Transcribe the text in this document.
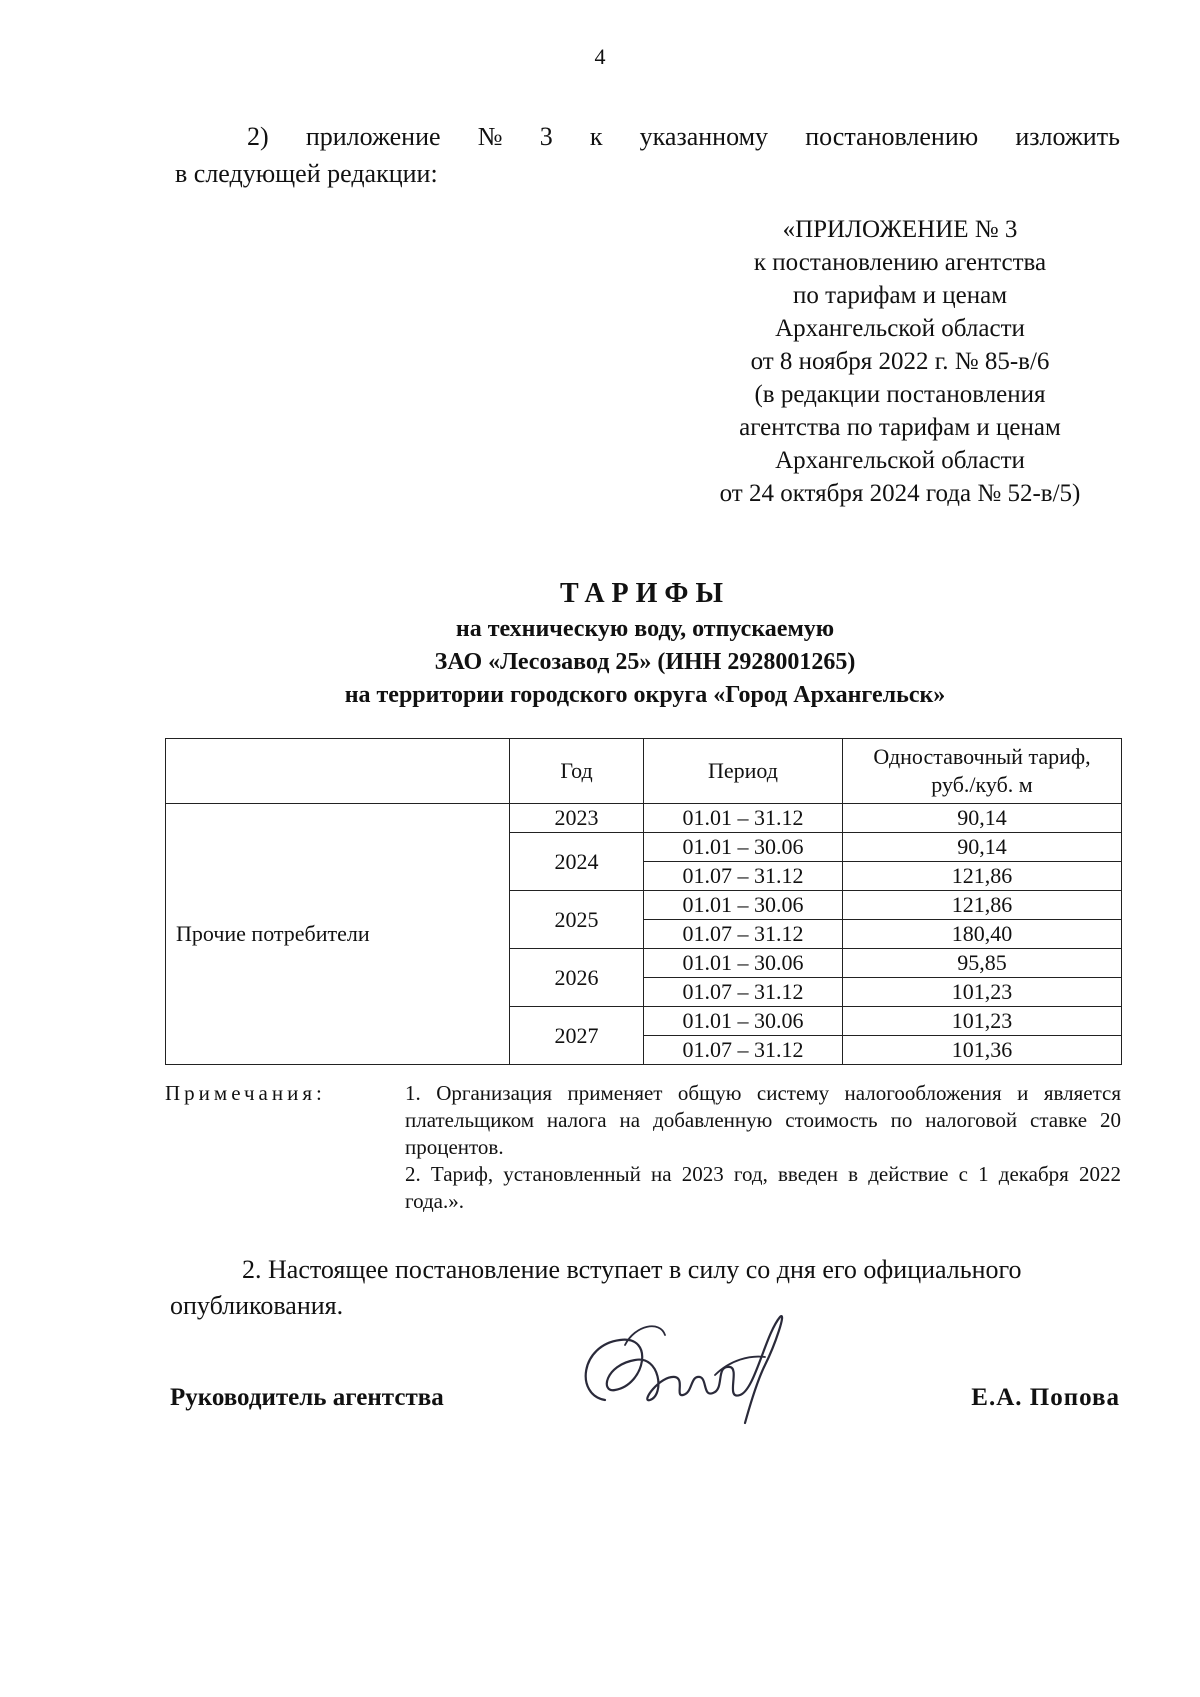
4
2) приложение № 3 к указанному постановлению изложить
в следующей редакции:
«ПРИЛОЖЕНИЕ № 3
к постановлению агентства
по тарифам и ценам
Архангельской области
от 8 ноября 2022 г. № 85-в/6
(в редакции постановления
агентства по тарифам и ценам
Архангельской области
от 24 октября 2024 года № 52-в/5)
ТАРИФЫ
на техническую воду, отпускаемую
ЗАО «Лесозавод 25» (ИНН 2928001265)
на территории городского округа «Город Архангельск»
	Год	Период	Одноставочный тариф,
руб./куб. м

Прочие потребители	2023	01.01 – 31.12	90,14
	2024	01.01 – 30.06	90,14
		01.07 – 31.12	121,86
	2025	01.01 – 30.06	121,86
		01.07 – 31.12	180,40
	2026	01.01 – 30.06	95,85
		01.07 – 31.12	101,23
	2027	01.01 – 30.06	101,23
		01.07 – 31.12	101,36
Примечания:	1. Организация применяет общую систему налогообложения и является плательщиком налога на добавленную стоимость по налоговой ставке 20 процентов.

2. Тариф, установленный на 2023 год, введен в действие с 1 декабря 2022 года.».

2. Настоящее постановление вступает в силу со дня его официального
опубликования.
Руководитель агентства	Е.А. Попова
